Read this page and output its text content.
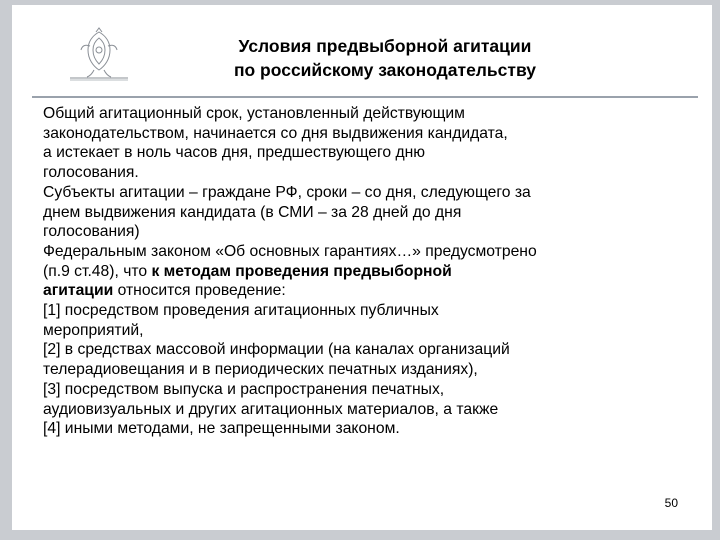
Условия предвыборной агитации
по российскому законодательству

Общий агитационный срок, установленный действующим
законодательством, начинается со дня выдвижения кандидата,
а истекает в ноль часов дня, предшествующего дню
голосования.

Субъекты агитации – граждане РФ, сроки – со дня, следующего за
днем выдвижения кандидата (в СМИ – за 28 дней до дня
голосования)

Федеральным законом «Об основных гарантиях…» предусмотрено
(п.9 ст.48), что к методам проведения предвыборной
агитации относится проведение:

[1] посредством проведения агитационных публичных
мероприятий,

[2] в средствах массовой информации (на каналах организаций
телерадиовещания и в периодических печатных изданиях),

[3] посредством выпуска и распространения печатных,
аудиовизуальных и других агитационных материалов, а также

[4] иными методами, не запрещенными законом.

50
